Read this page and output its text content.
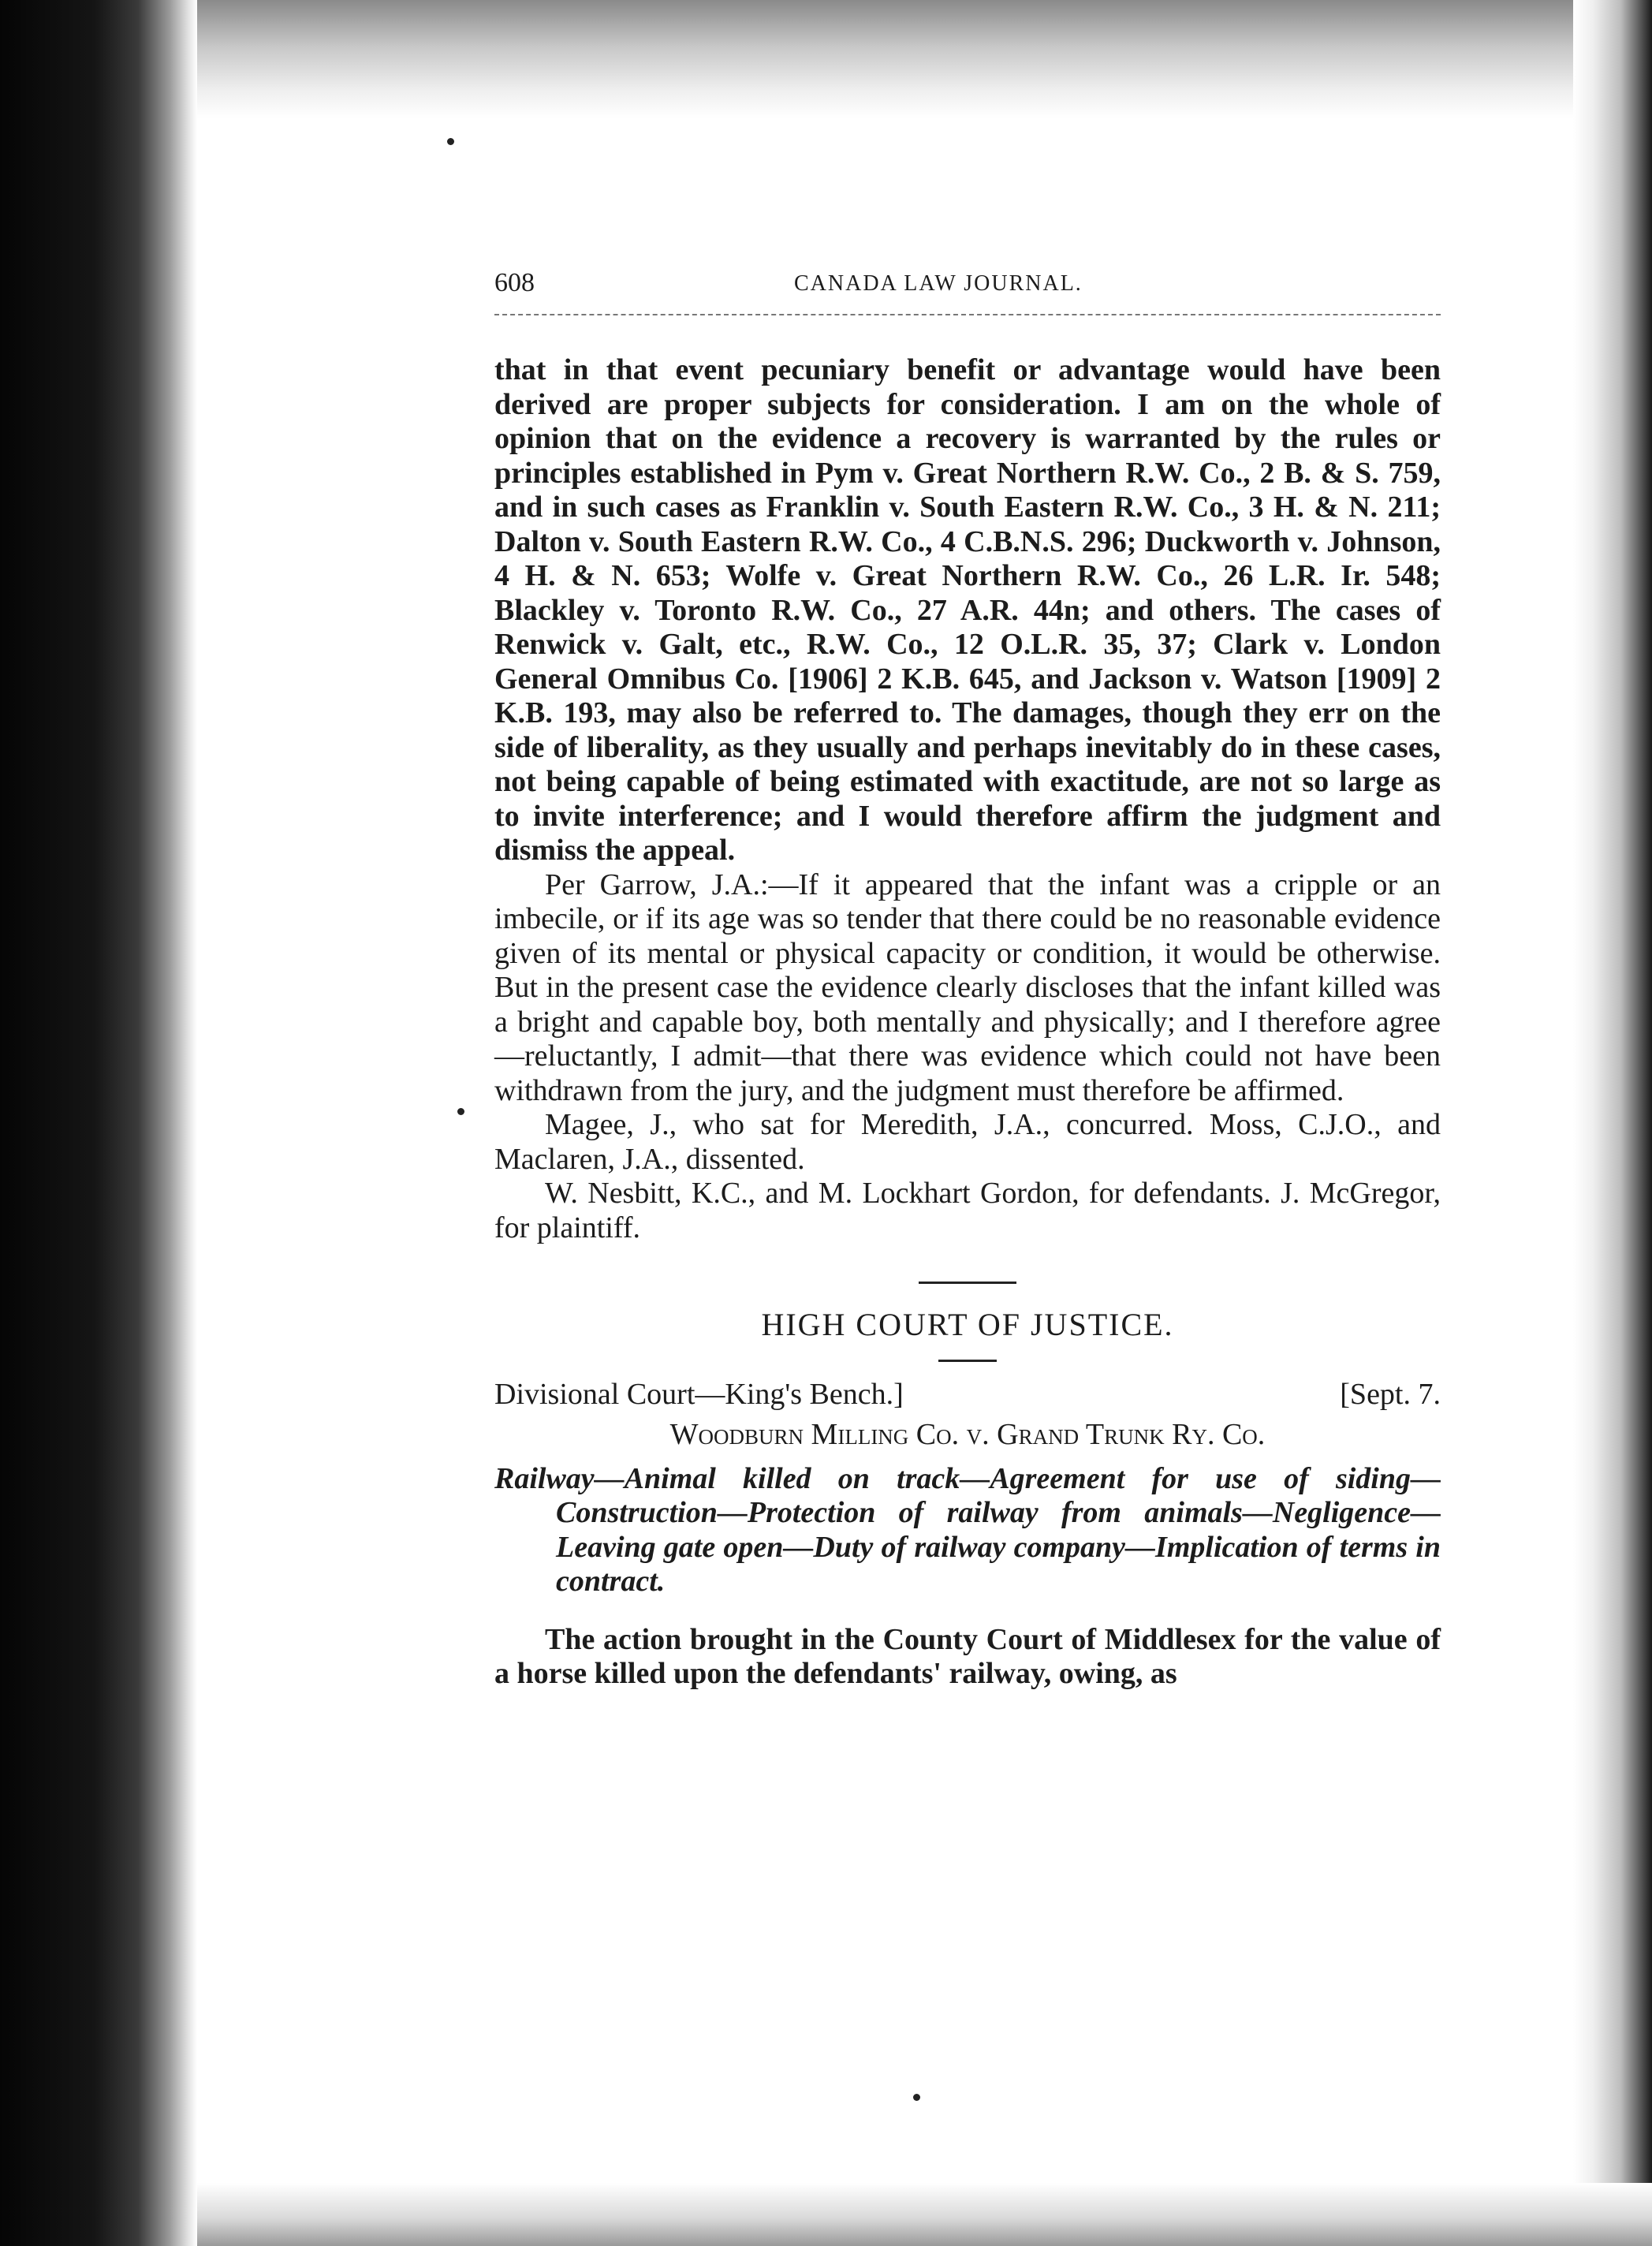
608	CANADA LAW JOURNAL.

that in that event pecuniary benefit or advantage would have been derived are proper subjects for consideration. I am on the whole of opinion that on the evidence a recovery is warranted by the rules or principles established in Pym v. Great Northern R.W. Co., 2 B. & S. 759, and in such cases as Franklin v. South Eastern R.W. Co., 3 H. & N. 211; Dalton v. South Eastern R.W. Co., 4 C.B.N.S. 296; Duckworth v. Johnson, 4 H. & N. 653; Wolfe v. Great Northern R.W. Co., 26 L.R. Ir. 548; Blackley v. Toronto R.W. Co., 27 A.R. 44n; and others. The cases of Renwick v. Galt, etc., R.W. Co., 12 O.L.R. 35, 37; Clark v. London General Omnibus Co. [1906] 2 K.B. 645, and Jackson v. Watson [1909] 2 K.B. 193, may also be referred to. The damages, though they err on the side of liberality, as they usually and perhaps inevitably do in these cases, not being capable of being estimated with exactitude, are not so large as to invite interference; and I would therefore affirm the judgment and dismiss the appeal.

Per Garrow, J.A.:—If it appeared that the infant was a cripple or an imbecile, or if its age was so tender that there could be no reasonable evidence given of its mental or physical capacity or condition, it would be otherwise. But in the present case the evidence clearly discloses that the infant killed was a bright and capable boy, both mentally and physically; and I therefore agree—reluctantly, I admit—that there was evidence which could not have been withdrawn from the jury, and the judgment must therefore be affirmed.

Magee, J., who sat for Meredith, J.A., concurred. Moss, C.J.O., and Maclaren, J.A., dissented.

W. Nesbitt, K.C., and M. Lockhart Gordon, for defendants. J. McGregor, for plaintiff.

HIGH COURT OF JUSTICE.

Divisional Court—King's Bench.]	[Sept. 7.

Woodburn Milling Co. v. Grand Trunk Ry. Co.

Railway—Animal killed on track—Agreement for use of siding—Construction—Protection of railway from animals—Negligence—Leaving gate open—Duty of railway company—Implication of terms in contract.

The action brought in the County Court of Middlesex for the value of a horse killed upon the defendants' railway, owing, as
